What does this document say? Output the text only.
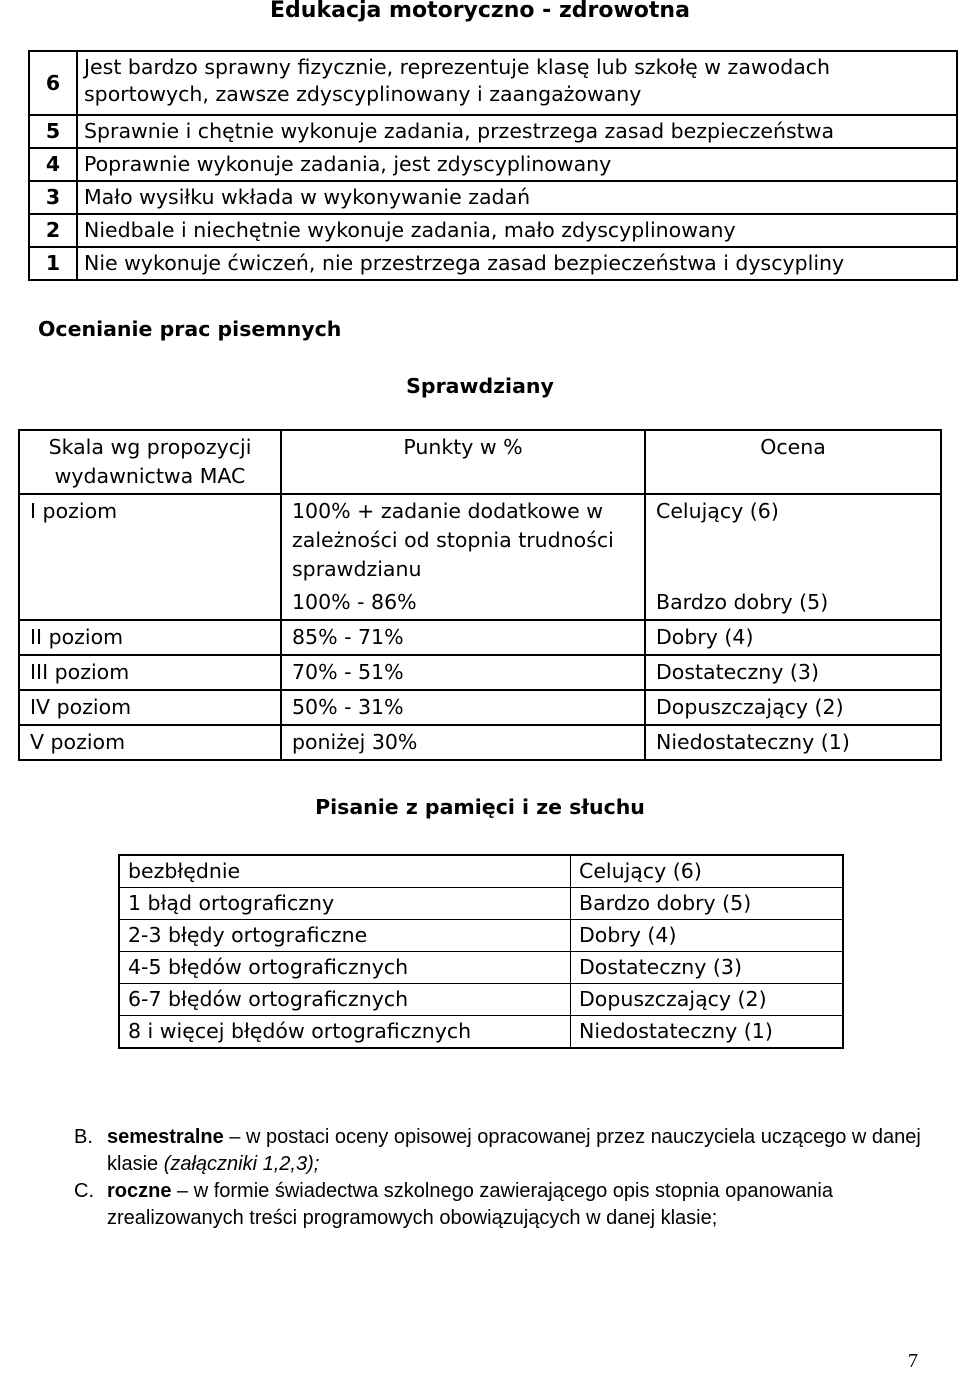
Edukacja motoryczno - zdrowotna
6	Jest bardzo sprawny fizycznie, reprezentuje klasę lub szkołę w zawodach
sportowych, zawsze zdyscyplinowany i zaangażowany

5	Sprawnie i chętnie wykonuje zadania, przestrzega zasad bezpieczeństwa
4	Poprawnie wykonuje zadania, jest zdyscyplinowany
3	Mało wysiłku wkłada w wykonywanie zadań
2	Niedbale i niechętnie wykonuje zadania, mało zdyscyplinowany
1	Nie wykonuje ćwiczeń, nie przestrzega zasad bezpieczeństwa i dyscypliny
Ocenianie prac pisemnych
Sprawdziany
Skala wg propozycji wydawnictwa MAC	Punkty w %	Ocena
I poziom	100% + zadanie dodatkowe w zależności od stopnia trudności sprawdzianu	Celujący (6)
	100% - 86%	Bardzo dobry (5)
II poziom	85% - 71%	Dobry (4)
III poziom	70% - 51%	Dostateczny (3)
IV poziom	50% - 31%	Dopuszczający (2)
V poziom	poniżej 30%	Niedostateczny (1)
Pisanie z pamięci i ze słuchu
bezbłędnie	Celujący (6)
1 błąd ortograficzny	Bardzo dobry (5)
2-3 błędy ortograficzne	Dobry (4)
4-5 błędów ortograficznych	Dostateczny (3)
6-7 błędów ortograficznych	Dopuszczający (2)
8 i więcej błędów ortograficznych	Niedostateczny (1)
B. semestralne – w postaci oceny opisowej opracowanej przez nauczyciela uczącego w danej klasie (załączniki 1,2,3);
C. roczne – w formie świadectwa szkolnego zawierającego opis stopnia opanowania zrealizowanych treści programowych obowiązujących w danej klasie;
7
